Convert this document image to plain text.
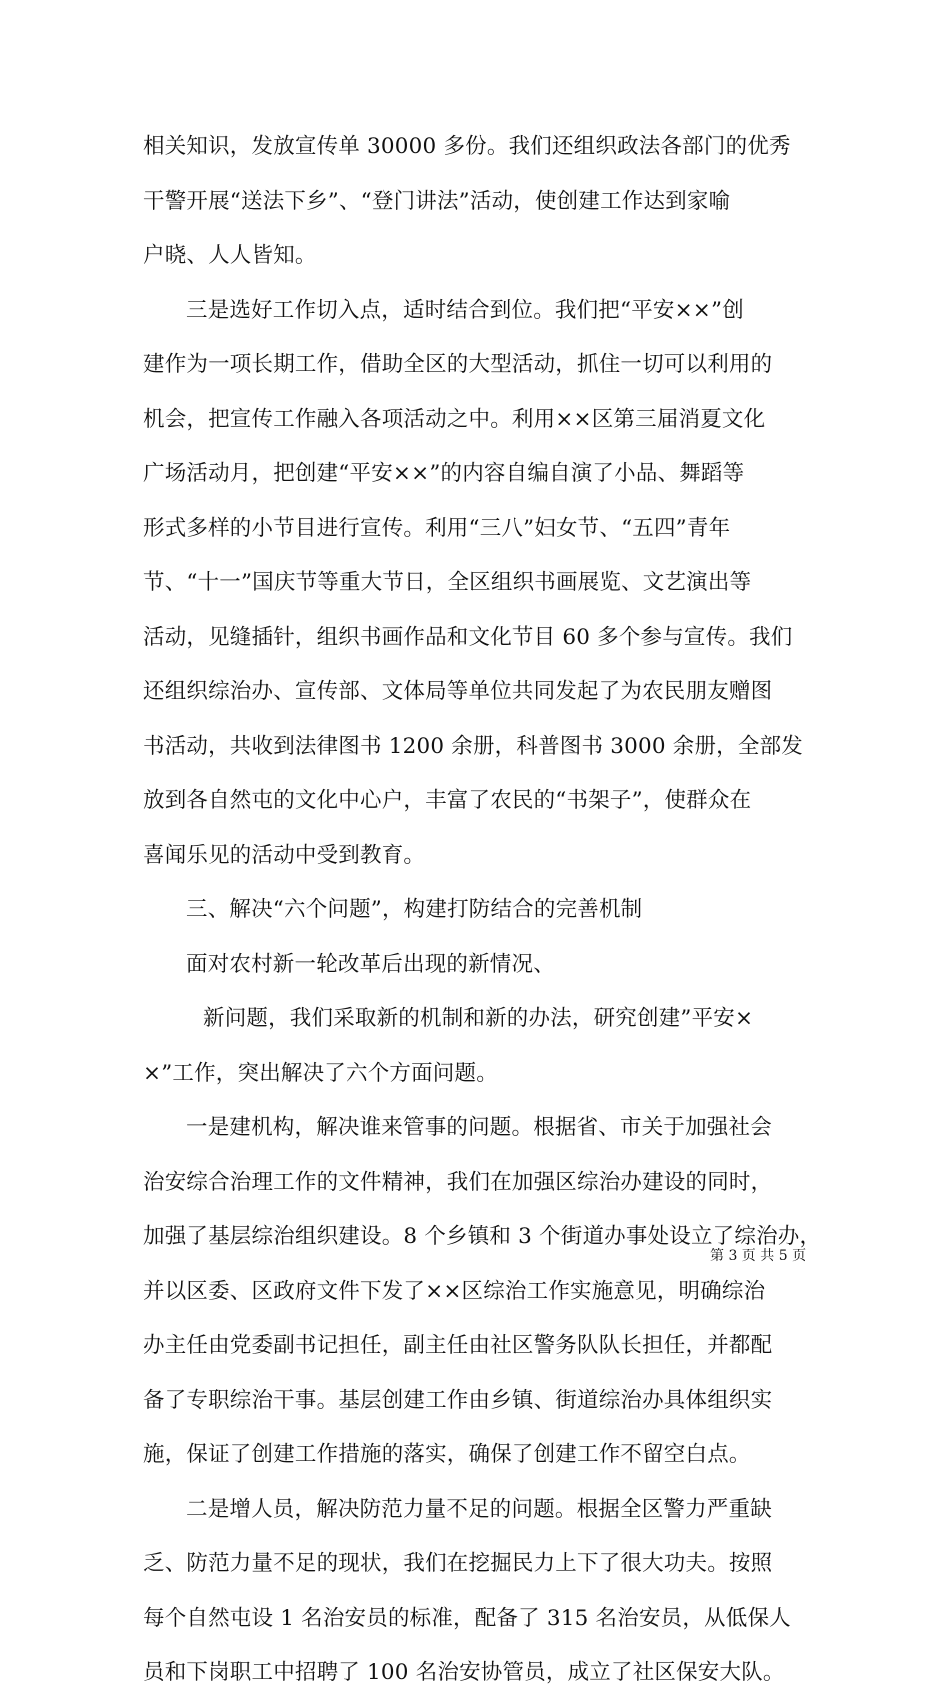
相关知识，发放宣传单 30000 多份。我们还组织政法各部门的优秀
干警开展“送法下乡”、“登门讲法”活动，使创建工作达到家喻
户晓、人人皆知。
三是选好工作切入点，适时结合到位。我们把“平安××”创
建作为一项长期工作，借助全区的大型活动，抓住一切可以利用的
机会，把宣传工作融入各项活动之中。利用××区第三届消夏文化
广场活动月，把创建“平安××”的内容自编自演了小品、舞蹈等
形式多样的小节目进行宣传。利用“三八”妇女节、“五四”青年
节、“十一”国庆节等重大节日，全区组织书画展览、文艺演出等
活动，见缝插针，组织书画作品和文化节目 60 多个参与宣传。我们
还组织综治办、宣传部、文体局等单位共同发起了为农民朋友赠图
书活动，共收到法律图书 1200 余册，科普图书 3000 余册，全部发
放到各自然屯的文化中心户，丰富了农民的“书架子”，使群众在
喜闻乐见的活动中受到教育。
三、解决“六个问题”，构建打防结合的完善机制
面对农村新一轮改革后出现的新情况、
新问题，我们采取新的机制和新的办法，研究创建”平安×
×”工作，突出解决了六个方面问题。
一是建机构，解决谁来管事的问题。根据省、市关于加强社会
治安综合治理工作的文件精神，我们在加强区综治办建设的同时，
加强了基层综治组织建设。8 个乡镇和 3 个街道办事处设立了综治办，
并以区委、区政府文件下发了××区综治工作实施意见，明确综治
办主任由党委副书记担任，副主任由社区警务队队长担任，并都配
备了专职综治干事。基层创建工作由乡镇、街道综治办具体组织实
施，保证了创建工作措施的落实，确保了创建工作不留空白点。
二是增人员，解决防范力量不足的问题。根据全区警力严重缺
乏、防范力量不足的现状，我们在挖掘民力上下了很大功夫。按照
每个自然屯设 1 名治安员的标准，配备了 315 名治安员，从低保人
员和下岗职工中招聘了 100 名治安协管员，成立了社区保安大队。
第 3 页 共 5 页
